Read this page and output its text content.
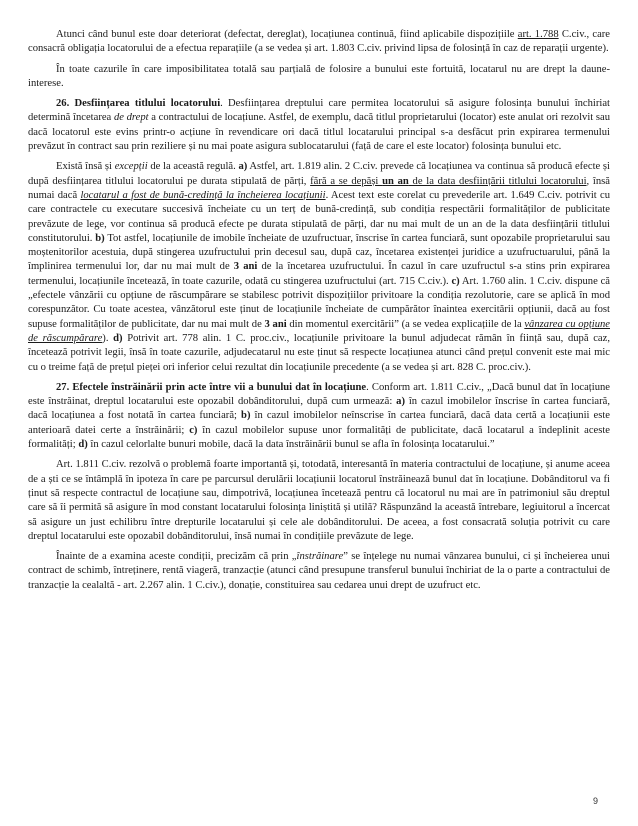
Atunci când bunul este doar deteriorat (defectat, dereglat), locațiunea continuă, fiind aplicabile dispozițiile art. 1.788 C.civ., care consacră obligația locatorului de a efectua reparațiile (a se vedea și art. 1.803 C.civ. privind lipsa de folosință în caz de reparații urgente).

În toate cazurile în care imposibilitatea totală sau parțială de folosire a bunului este fortuită, locatarul nu are drept la daune-interese.

26. Desființarea titlului locatorului. Desființarea dreptului care permitea locatorului să asigure folosința bunului închiriat determină încetarea de drept a contractului de locațiune. Astfel, de exemplu, dacă titlul proprietarului (locator) este anulat ori rezolvit sau dacă locatorul este evins printr-o acțiune în revendicare ori dacă titlul locatarului principal s-a desfăcut prin expirarea termenului prevăzut în contract sau prin reziliere și nu mai poate asigura sublocatarului (față de care el este locator) folosința bunului etc.

Există însă și excepții de la această regulă. a) Astfel, art. 1.819 alin. 2 C.civ. prevede că locațiunea va continua să producă efecte și după desființarea titlului locatorului pe durata stipulată de părți, fără a se depăși un an de la data desființării titlului locatorului, însă numai dacă locatarul a fost de bună-credință la încheierea locațiunii. Acest text este corelat cu prevederile art. 1.649 C.civ. potrivit cu care contractele cu executare succesivă încheiate cu un terț de bună-credință, sub condiția respectării formalităților de publicitate prevăzute de lege, vor continua să producă efecte pe durata stipulată de părți, dar nu mai mult de un an de la data desființării titlului constitutorului. b) Tot astfel, locațiunile de imobile încheiate de uzufructuar, înscrise în cartea funciară, sunt opozabile proprietarului sau moștenitorilor acestuia, după stingerea uzufructului prin decesul sau, după caz, încetarea existenței juridice a uzufructuarului, până la împlinirea termenului lor, dar nu mai mult de 3 ani de la încetarea uzufructului. În cazul în care uzufructul s-a stins prin expirarea termenului, locațiunile încetează, în toate cazurile, odată cu stingerea uzufructului (art. 715 C.civ.). c) Art. 1.760 alin. 1 C.civ. dispune că „efectele vânzării cu opțiune de răscumpărare se stabilesc potrivit dispozițiilor privitoare la condiția rezolutorie, care se aplică în mod corespunzător. Cu toate acestea, vânzătorul este ținut de locațiunile încheiate de cumpărător înaintea exercitării opțiunii, dacă au fost supuse formalităților de publicitate, dar nu mai mult de 3 ani din momentul exercitării” (a se vedea explicațiile de la vânzarea cu opțiune de răscumpărare). d) Potrivit art. 778 alin. 1 C. proc.civ., locațiunile privitoare la bunul adjudecat rămân în ființă sau, după caz, încetează potrivit legii, însă în toate cazurile, adjudecatarul nu este ținut să respecte locațiunea atunci când prețul convenit este mai mic cu o treime față de prețul pieței ori inferior celui rezultat din locațiunile precedente (a se vedea și art. 828 C. proc.civ.).

27. Efectele înstrăinării prin acte între vii a bunului dat în locațiune. Conform art. 1.811 C.civ., „Dacă bunul dat în locațiune este înstrăinat, dreptul locatarului este opozabil dobânditorului, după cum urmează: a) în cazul imobilelor înscrise în cartea funciară, dacă locațiunea a fost notată în cartea funciară; b) în cazul imobilelor neînscrise în cartea funciară, dacă data certă a locațiunii este anterioară datei certe a înstrăinării; c) în cazul mobilelor supuse unor formalități de publicitate, dacă locatarul a îndeplinit aceste formalități; d) în cazul celorlalte bunuri mobile, dacă la data înstrăinării bunul se afla în folosința locatarului.”

Art. 1.811 C.civ. rezolvă o problemă foarte importantă și, totodată, interesantă în materia contractului de locațiune, și anume aceea de a ști ce se întâmplă în ipoteza în care pe parcursul derulării locațiunii locatorul înstrăinează bunul dat în locațiune. Dobânditorul va fi ținut să respecte contractul de locațiune sau, dimpotrivă, locațiunea încetează pentru că locatorul nu mai are în patrimoniul său dreptul care să îi permită să asigure în mod constant locatarului folosința liniștită și utilă? Răspunzând la această întrebare, legiuitorul a încercat să asigure un just echilibru între drepturile locatarului și cele ale dobânditorului. De aceea, a fost consacrată soluția potrivit cu care dreptul locatarului este opozabil dobânditorului, însă numai în condițiile prevăzute de lege.

Înainte de a examina aceste condiții, precizăm că prin „înstrăinare” se înțelege nu numai vânzarea bunului, ci și încheierea unui contract de schimb, întreținere, rentă viageră, tranzacție (atunci când presupune transferul bunului închiriat de la o parte a contractului de tranzacție la cealaltă - art. 2.267 alin. 1 C.civ.), donație, constituirea sau cedarea unui drept de uzufruct etc.

9
